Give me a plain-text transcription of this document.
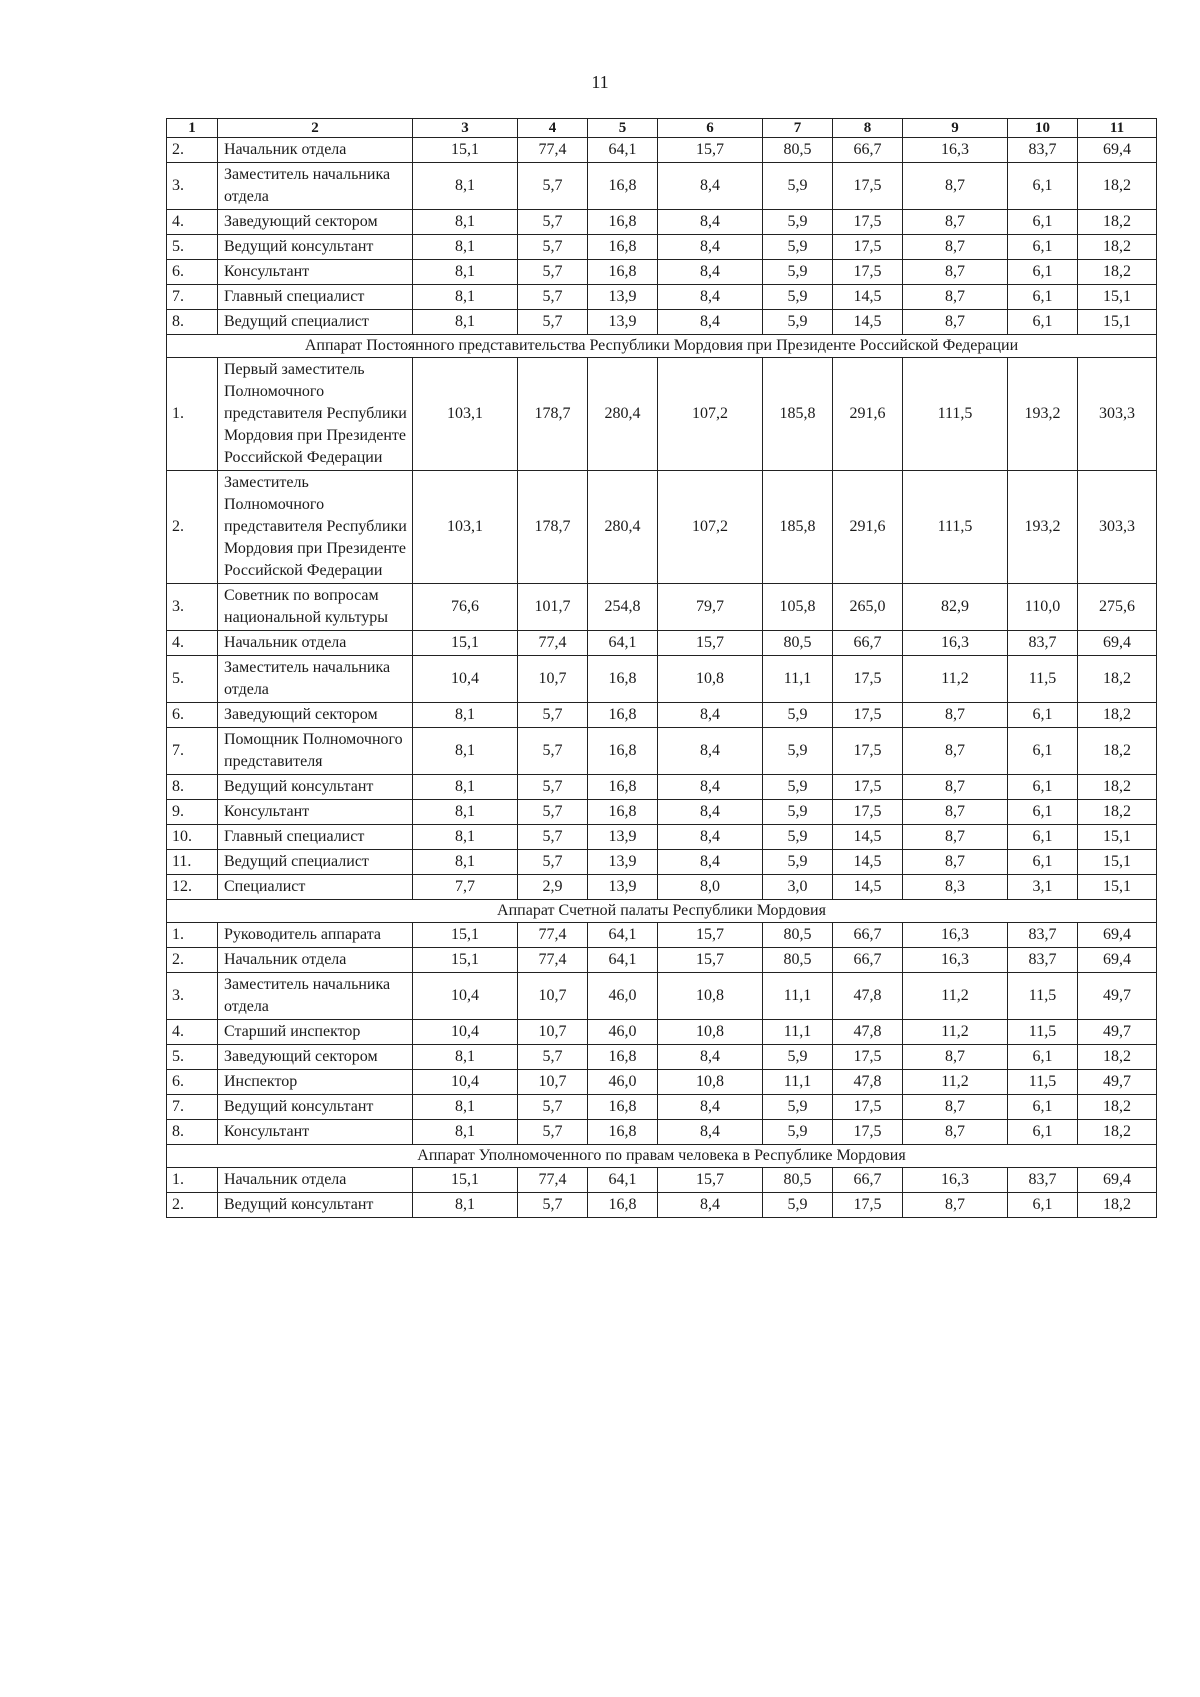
11
1	2	3	4	5	6	7	8	9	10	11
2.	Начальник отдела	15,1	77,4	64,1	15,7	80,5	66,7	16,3	83,7	69,4
3.	Заместитель начальника отдела	8,1	5,7	16,8	8,4	5,9	17,5	8,7	6,1	18,2
4.	Заведующий сектором	8,1	5,7	16,8	8,4	5,9	17,5	8,7	6,1	18,2
5.	Ведущий консультант	8,1	5,7	16,8	8,4	5,9	17,5	8,7	6,1	18,2
6.	Консультант	8,1	5,7	16,8	8,4	5,9	17,5	8,7	6,1	18,2
7.	Главный специалист	8,1	5,7	13,9	8,4	5,9	14,5	8,7	6,1	15,1
8.	Ведущий специалист	8,1	5,7	13,9	8,4	5,9	14,5	8,7	6,1	15,1
Аппарат Постоянного представительства Республики Мордовия при Президенте Российской Федерации										
1.	Первый заместитель Полномочного представителя Республики Мордовия при Президенте Российской Федерации	103,1	178,7	280,4	107,2	185,8	291,6	111,5	193,2	303,3
2.	Заместитель Полномочного представителя Республики Мордовия при Президенте Российской Федерации	103,1	178,7	280,4	107,2	185,8	291,6	111,5	193,2	303,3
3.	Советник по вопросам национальной культуры	76,6	101,7	254,8	79,7	105,8	265,0	82,9	110,0	275,6
4.	Начальник отдела	15,1	77,4	64,1	15,7	80,5	66,7	16,3	83,7	69,4
5.	Заместитель начальника отдела	10,4	10,7	16,8	10,8	11,1	17,5	11,2	11,5	18,2
6.	Заведующий сектором	8,1	5,7	16,8	8,4	5,9	17,5	8,7	6,1	18,2
7.	Помощник Полномочного представителя	8,1	5,7	16,8	8,4	5,9	17,5	8,7	6,1	18,2
8.	Ведущий консультант	8,1	5,7	16,8	8,4	5,9	17,5	8,7	6,1	18,2
9.	Консультант	8,1	5,7	16,8	8,4	5,9	17,5	8,7	6,1	18,2
10.	Главный специалист	8,1	5,7	13,9	8,4	5,9	14,5	8,7	6,1	15,1
11.	Ведущий специалист	8,1	5,7	13,9	8,4	5,9	14,5	8,7	6,1	15,1
12.	Специалист	7,7	2,9	13,9	8,0	3,0	14,5	8,3	3,1	15,1
Аппарат Счетной палаты Республики Мордовия										
1.	Руководитель аппарата	15,1	77,4	64,1	15,7	80,5	66,7	16,3	83,7	69,4
2.	Начальник отдела	15,1	77,4	64,1	15,7	80,5	66,7	16,3	83,7	69,4
3.	Заместитель начальника отдела	10,4	10,7	46,0	10,8	11,1	47,8	11,2	11,5	49,7
4.	Старший инспектор	10,4	10,7	46,0	10,8	11,1	47,8	11,2	11,5	49,7
5.	Заведующий сектором	8,1	5,7	16,8	8,4	5,9	17,5	8,7	6,1	18,2
6.	Инспектор	10,4	10,7	46,0	10,8	11,1	47,8	11,2	11,5	49,7
7.	Ведущий консультант	8,1	5,7	16,8	8,4	5,9	17,5	8,7	6,1	18,2
8.	Консультант	8,1	5,7	16,8	8,4	5,9	17,5	8,7	6,1	18,2
Аппарат Уполномоченного по правам человека в Республике Мордовия										
1.	Начальник отдела	15,1	77,4	64,1	15,7	80,5	66,7	16,3	83,7	69,4
2.	Ведущий консультант	8,1	5,7	16,8	8,4	5,9	17,5	8,7	6,1	18,2
